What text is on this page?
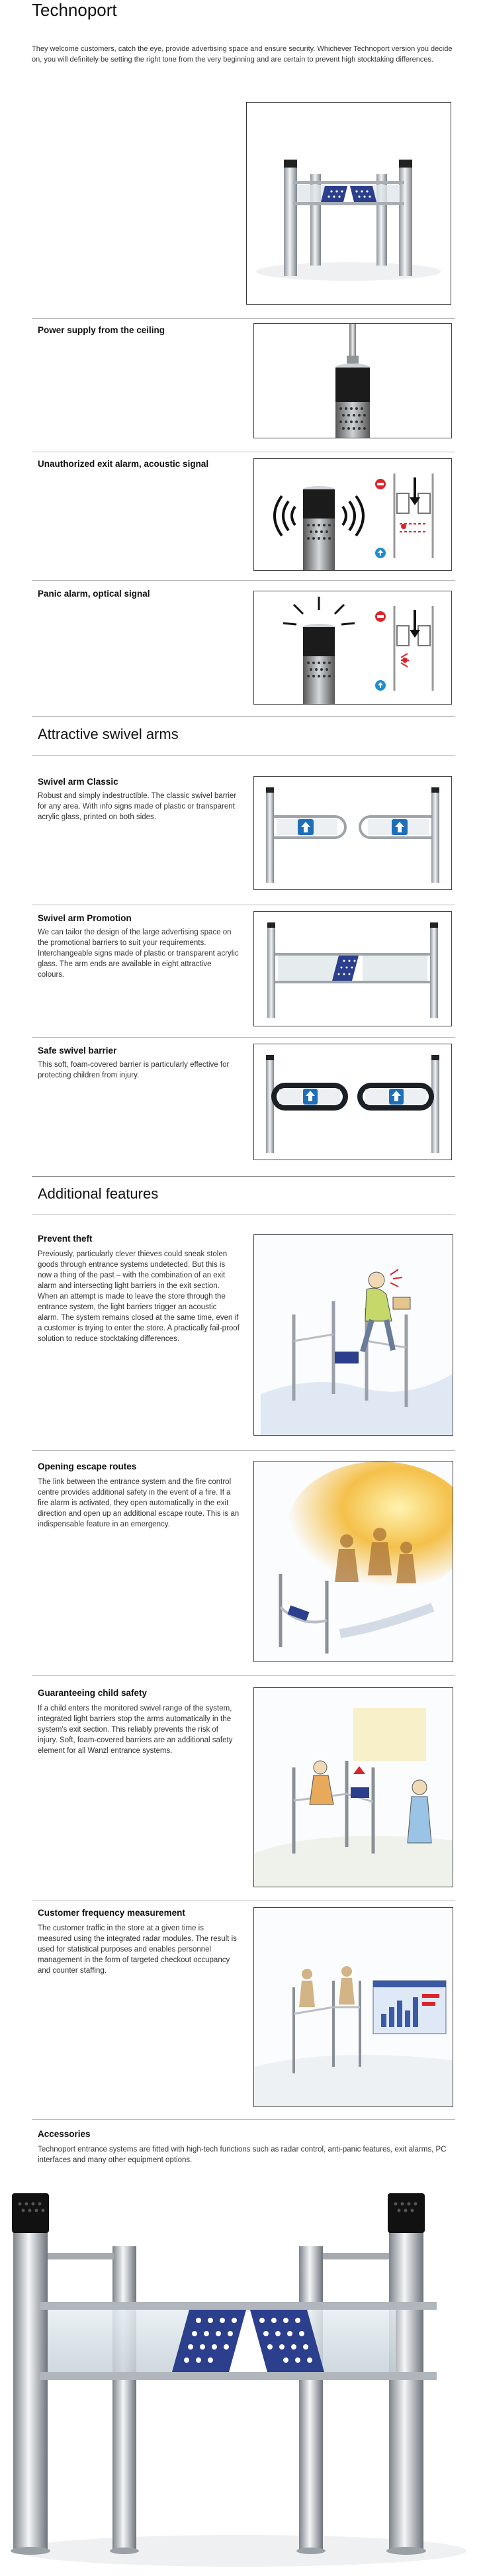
Technoport

They welcome customers, catch the eye, provide advertising space and ensure security. Whichever Technoport version you decide on, you will definitely be setting the right tone from the very beginning and are certain to prevent high stocktaking differences.

Power supply from the ceiling
Unauthorized exit alarm, acoustic signal
Panic alarm, optical signal
Attractive swivel arms
Swivel arm Classic
Robust and simply indestructible. The classic swivel barrier for any area. With info signs made of plastic or transparent acrylic glass, printed on both sides.
Swivel arm Promotion
We can tailor the design of the large advertising space on the promotional barriers to suit your requirements. Interchangeable signs made of plastic or transparent acrylic glass. The arm ends are available in eight attractive colours.
Safe swivel barrier
This soft, foam-covered barrier is particularly effective for protecting children from injury.
Additional features
Prevent theft
Previously, particularly clever thieves could sneak stolen goods through entrance systems undetected. But this is now a thing of the past – with the combination of an exit alarm and intersecting light barriers in the exit section. When an attempt is made to leave the store through the entrance system, the light barriers trigger an acoustic alarm. The system remains closed at the same time, even if a customer is trying to enter the store. A practically fail-proof solution to reduce stocktaking differences.
Opening escape routes
The link between the entrance system and the fire control centre provides additional safety in the event of a fire. If a fire alarm is activated, they open automatically in the exit direction and open up an additional escape route. This is an indispensable feature in an emergency.
Guaranteeing child safety
If a child enters the monitored swivel range of the system, integrated light barriers stop the arms automatically in the system's exit section. This reliably prevents the risk of injury. Soft, foam-covered barriers are an additional safety element for all Wanzl entrance systems.
Customer frequency measurement
The customer traffic in the store at a given time is measured using the integrated radar modules. The result is used for statistical purposes and enables personnel management in the form of targeted checkout occupancy and counter staffing.
Accessories

Technoport entrance systems are fitted with high-tech functions such as radar control, anti-panic features, exit alarms, PC interfaces and many other equipment options.
